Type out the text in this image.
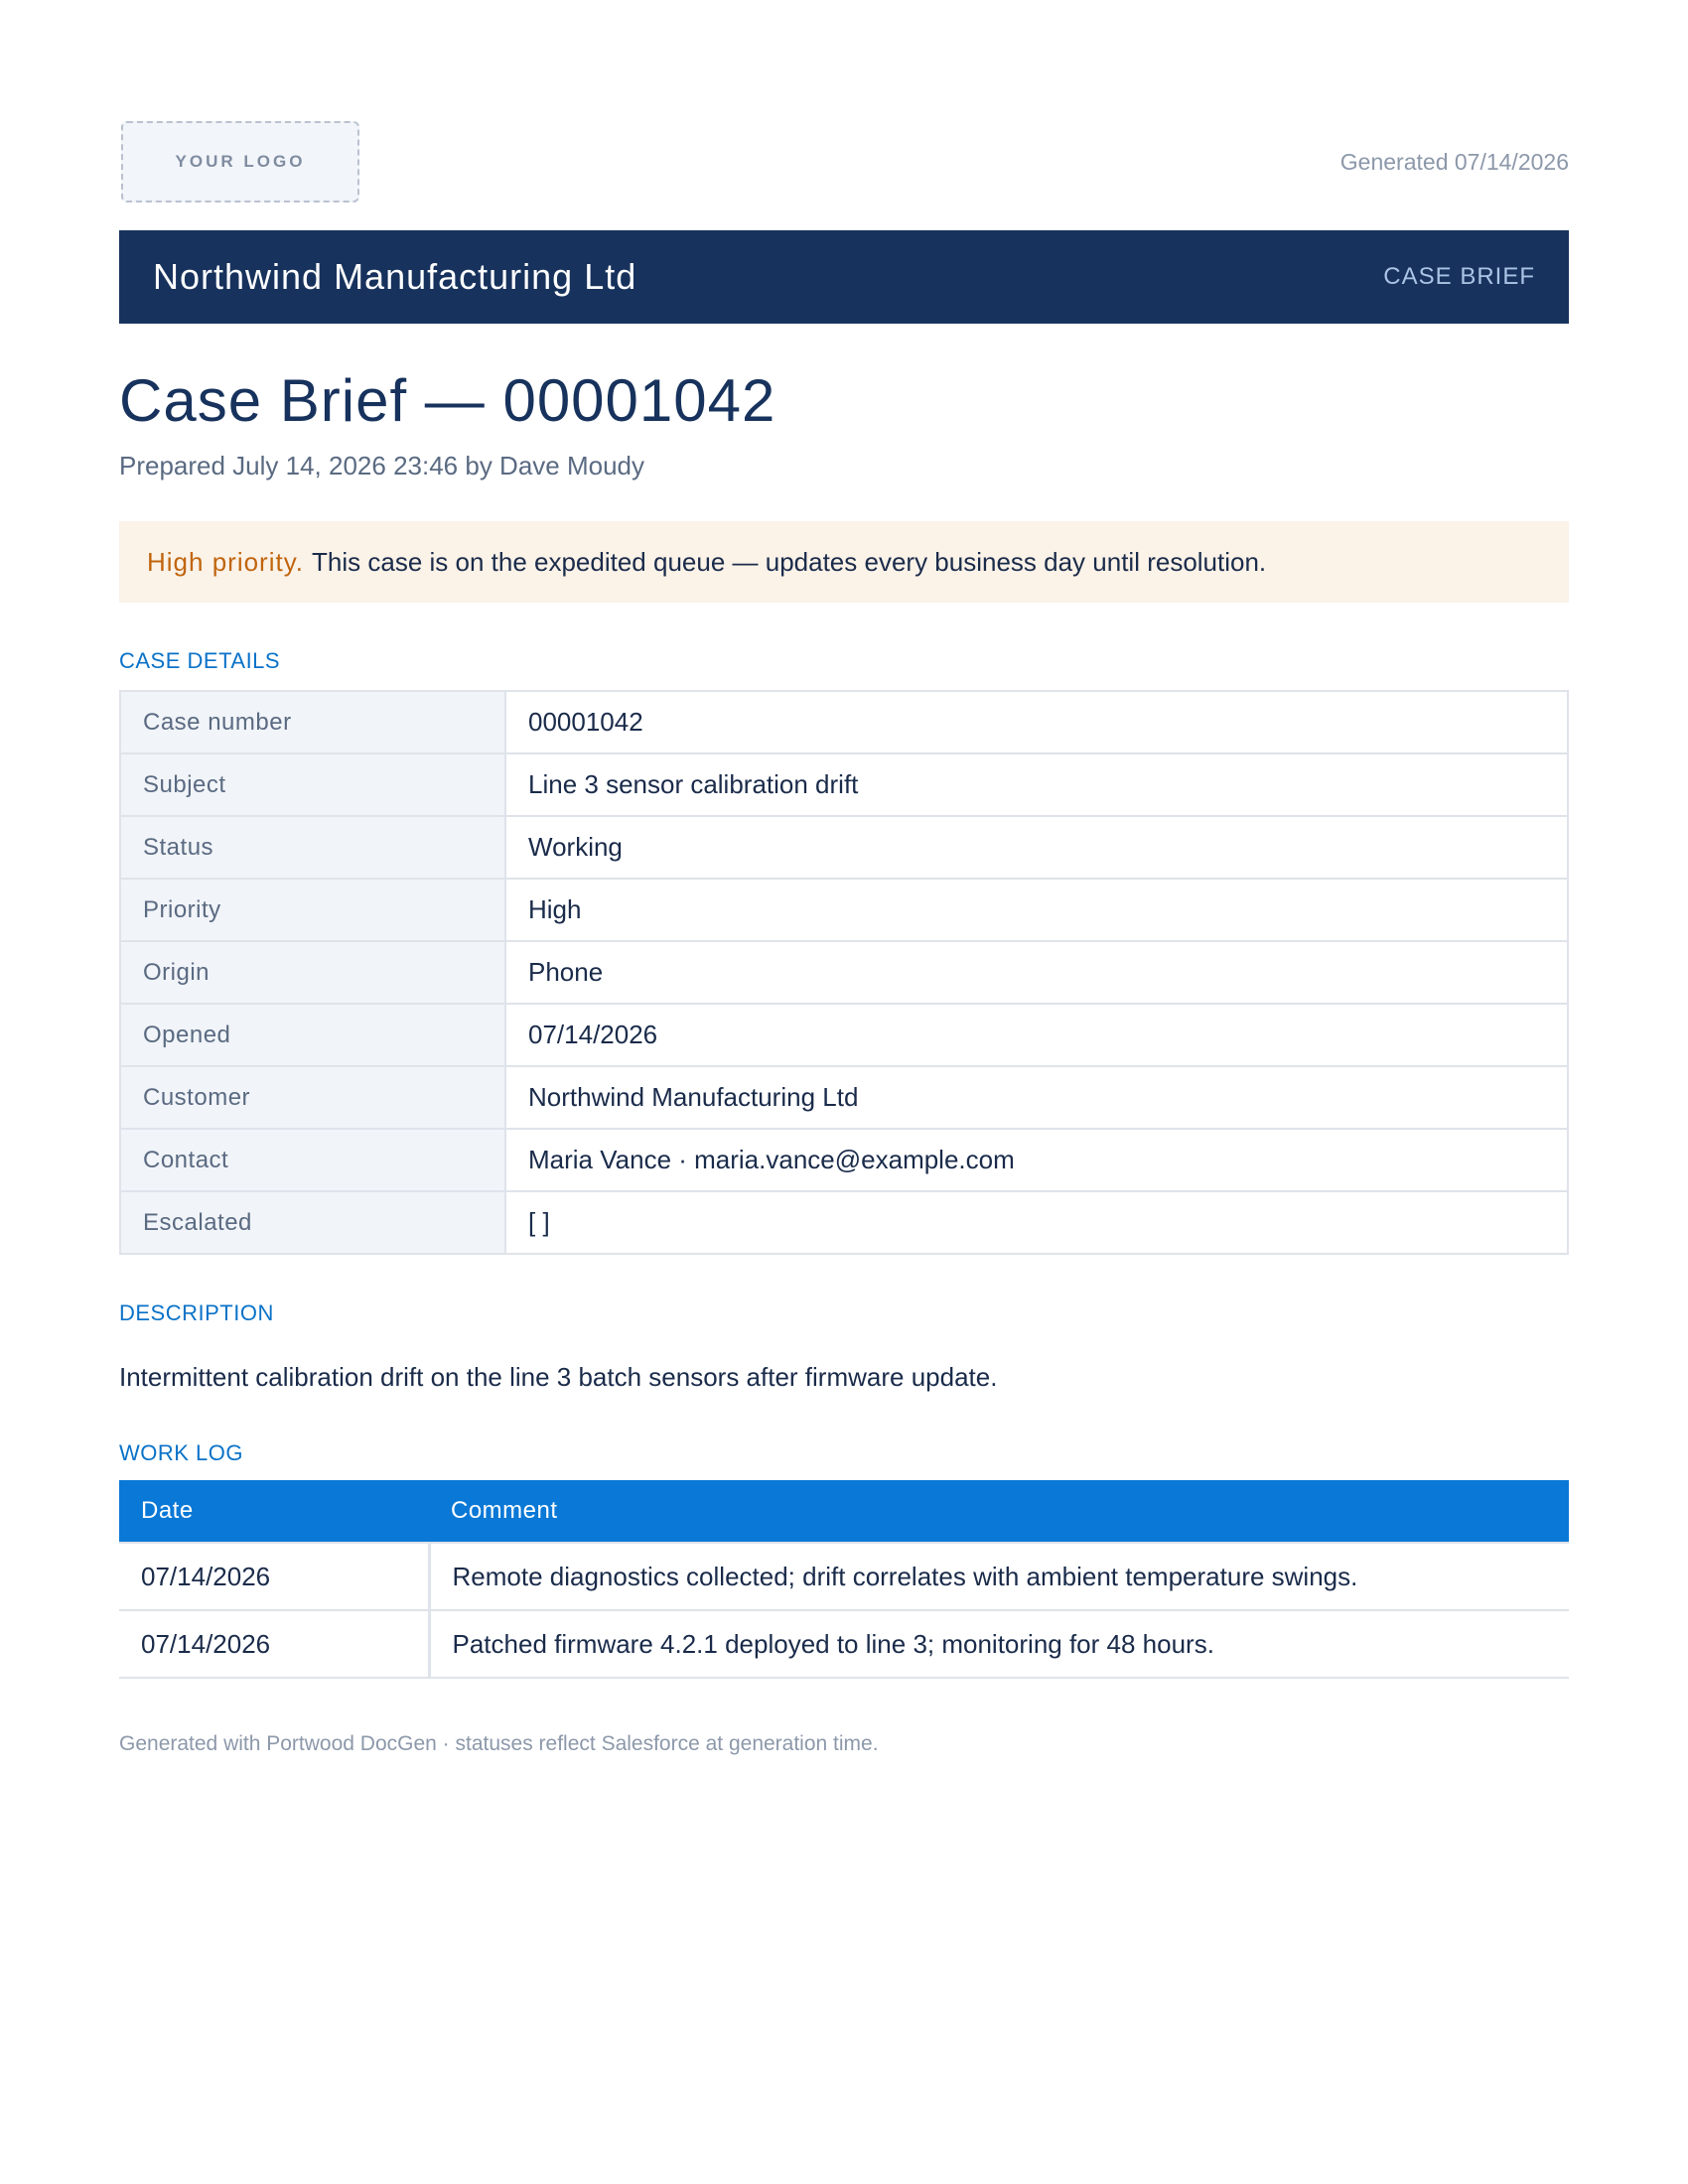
YOUR LOGO	Generated 07/14/2026
Northwind Manufacturing Ltd	CASE BRIEF
Case Brief — 00001042
Prepared July 14, 2026 23:46 by Dave Moudy
High priority. This case is on the expedited queue — updates every business day until resolution.
CASE DETAILS
Case number	00001042
Subject	Line 3 sensor calibration drift
Status	Working
Priority	High
Origin	Phone
Opened	07/14/2026
Customer	Northwind Manufacturing Ltd
Contact	Maria Vance · maria.vance@example.com
Escalated	[ ]
DESCRIPTION
Intermittent calibration drift on the line 3 batch sensors after firmware update.
WORK LOG
Date	Comment
07/14/2026	Remote diagnostics collected; drift correlates with ambient temperature swings.
07/14/2026	Patched firmware 4.2.1 deployed to line 3; monitoring for 48 hours.
Generated with Portwood DocGen · statuses reflect Salesforce at generation time.
